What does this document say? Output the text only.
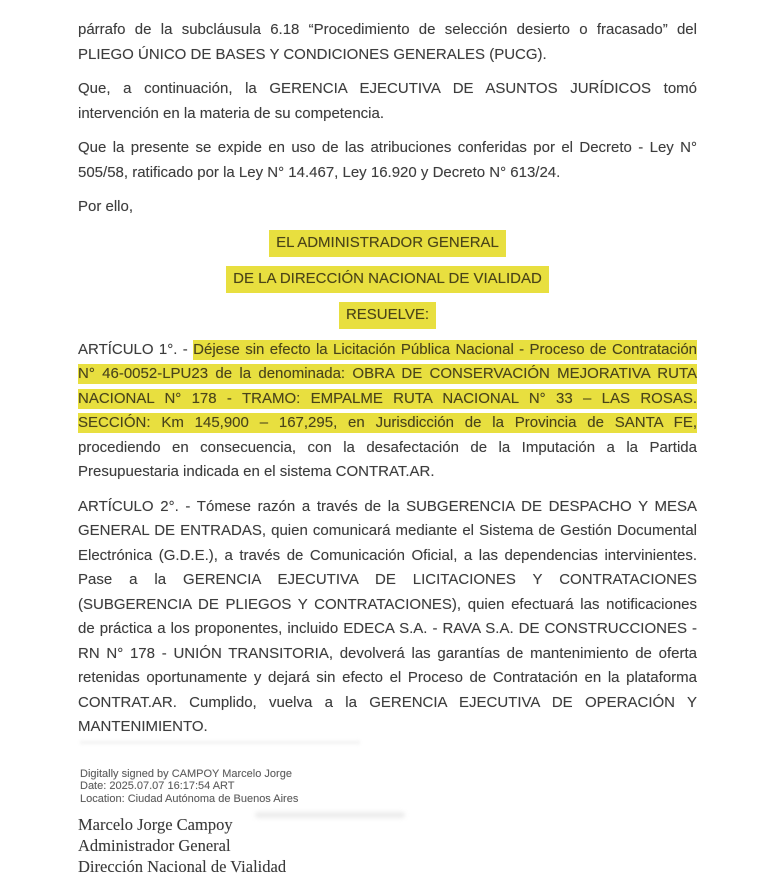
párrafo de la subcláusula 6.18 “Procedimiento de selección desierto o fracasado” del PLIEGO ÚNICO DE BASES Y CONDICIONES GENERALES (PUCG).

Que, a continuación, la GERENCIA EJECUTIVA DE ASUNTOS JURÍDICOS tomó intervención en la materia de su competencia.

Que la presente se expide en uso de las atribuciones conferidas por el Decreto - Ley N° 505/58, ratificado por la Ley N° 14.467, Ley 16.920 y Decreto N° 613/24.

Por ello,

EL ADMINISTRADOR GENERAL
DE LA DIRECCIÓN NACIONAL DE VIALIDAD
RESUELVE:

ARTÍCULO 1°. - Déjese sin efecto la Licitación Pública Nacional - Proceso de Contratación N° 46-0052-LPU23 de la denominada: OBRA DE CONSERVACIÓN MEJORATIVA RUTA NACIONAL N° 178 - TRAMO: EMPALME RUTA NACIONAL N° 33 – LAS ROSAS. SECCIÓN: Km 145,900 – 167,295, en Jurisdicción de la Provincia de SANTA FE, procediendo en consecuencia, con la desafectación de la Imputación a la Partida Presupuestaria indicada en el sistema CONTRAT.AR.

ARTÍCULO 2°. - Tómese razón a través de la SUBGERENCIA DE DESPACHO Y MESA GENERAL DE ENTRADAS, quien comunicará mediante el Sistema de Gestión Documental Electrónica (G.D.E.), a través de Comunicación Oficial, a las dependencias intervinientes. Pase a la GERENCIA EJECUTIVA DE LICITACIONES Y CONTRATACIONES (SUBGERENCIA DE PLIEGOS Y CONTRATACIONES), quien efectuará las notificaciones de práctica a los proponentes, incluido EDECA S.A. - RAVA S.A. DE CONSTRUCCIONES - RN N° 178 - UNIÓN TRANSITORIA, devolverá las garantías de mantenimiento de oferta retenidas oportunamente y dejará sin efecto el Proceso de Contratación en la plataforma CONTRAT.AR. Cumplido, vuelva a la GERENCIA EJECUTIVA DE OPERACIÓN Y MANTENIMIENTO.

Digitally signed by CAMPOY Marcelo Jorge
Date: 2025.07.07 16:17:54 ART
Location: Ciudad Autónoma de Buenos Aires
Marcelo Jorge Campoy
Administrador General
Dirección Nacional de Vialidad
